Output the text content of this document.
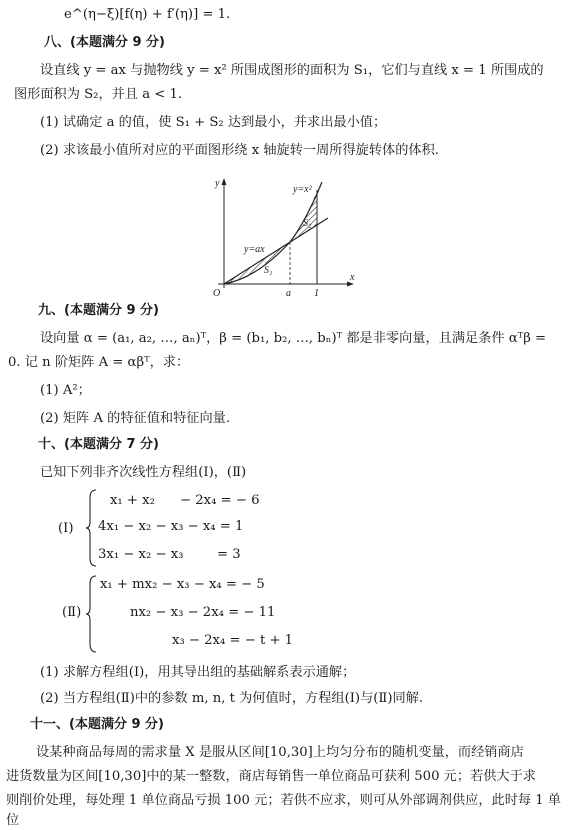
e^(η−ξ)[f(η) + f′(η)] = 1.
八、(本题满分 9 分)
设直线 y = ax 与抛物线 y = x² 所围成图形的面积为 S₁，它们与直线 x = 1 所围成的
图形面积为 S₂，并且 a < 1.
(1) 试确定 a 的值，使 S₁ + S₂ 达到最小，并求出最小值；
(2) 求该最小值所对应的平面图形绕 x 轴旋转一周所得旋转体的体积.
y
x
O	a 1
y=x²
y=ax
S₁
S₂
九、(本题满分 9 分)
设向量 α = (a₁, a₂, …, aₙ)ᵀ，β = (b₁, b₂, …, bₙ)ᵀ 都是非零向量，且满足条件 αᵀβ =
0. 记 n 阶矩阵 A = αβᵀ，求：
(1) A²；
(2) 矩阵 A 的特征值和特征向量.
十、(本题满分 7 分)
已知下列非齐次线性方程组(Ⅰ)，(Ⅱ)
(Ⅰ)
x₁ + x₂      − 2x₄ = − 6
4x₁ − x₂ − x₃ − x₄ = 1
3x₁ − x₂ − x₃        = 3
(Ⅱ)
x₁ + mx₂ − x₃ − x₄ = − 5
nx₂ − x₃ − 2x₄ = − 11
x₃ − 2x₄ = − t + 1
(1) 求解方程组(Ⅰ)，用其导出组的基础解系表示通解；
(2) 当方程组(Ⅱ)中的参数 m, n, t 为何值时，方程组(Ⅰ)与(Ⅱ)同解.
十一、(本题满分 9 分)
设某种商品每周的需求量 X 是服从区间[10,30]上均匀分布的随机变量，而经销商店
进货数量为区间[10,30]中的某一整数，商店每销售一单位商品可获利 500 元；若供大于求
则削价处理，每处理 1 单位商品亏损 100 元；若供不应求，则可从外部调剂供应，此时每 1 单
位
